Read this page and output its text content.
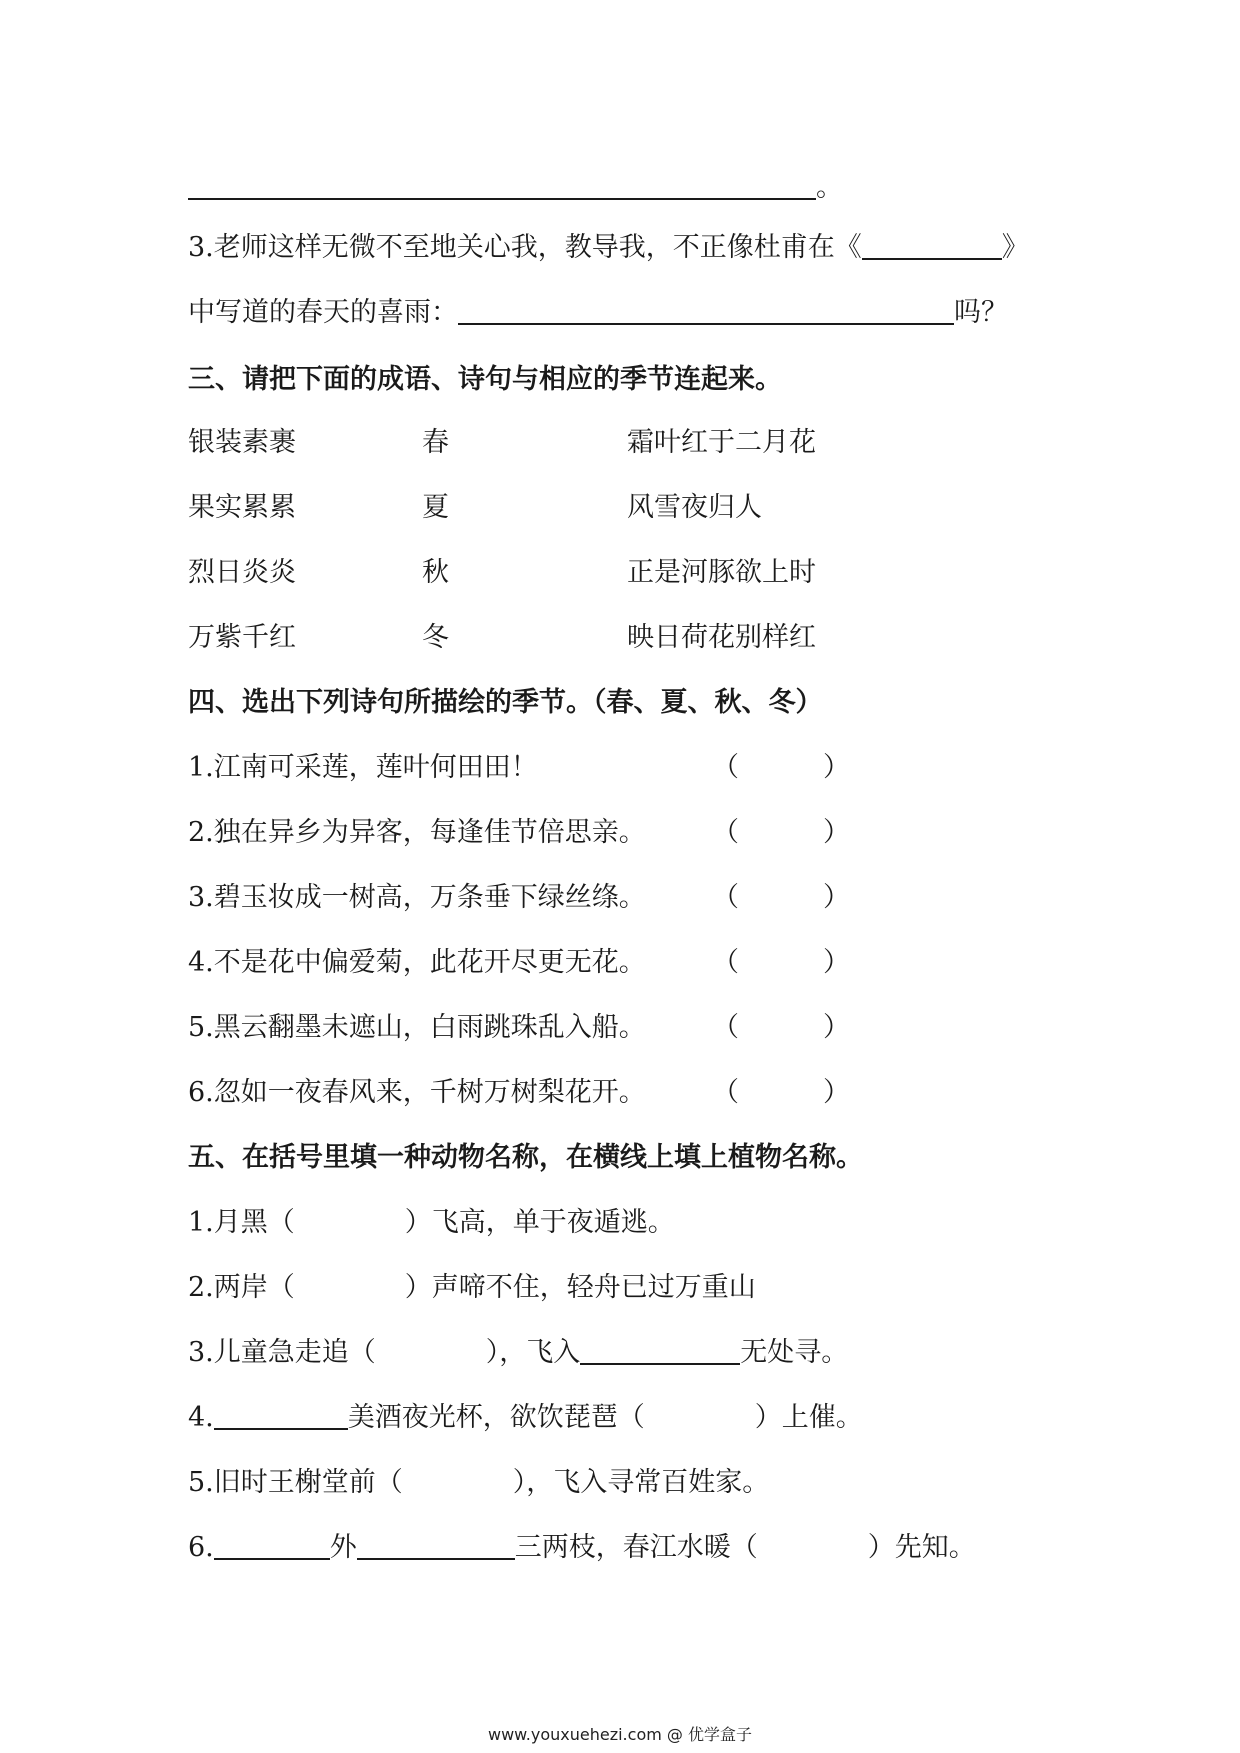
。
3.老师这样无微不至地关心我，教导我，不正像杜甫在《	》
中写道的春天的喜雨：	吗？
三、请把下面的成语、诗句与相应的季节连起来。
银装素裹	春	霜叶红于二月花
果实累累	夏	风雪夜归人
烈日炎炎	秋	正是河豚欲上时
万紫千红	冬	映日荷花别样红
四、选出下列诗句所描绘的季节。（春、夏、秋、冬）
1.江南可采莲，莲叶何田田！	（	）
2.独在异乡为异客，每逢佳节倍思亲。 （	）
3.碧玉妆成一树高，万条垂下绿丝绦。 （	）
4.不是花中偏爱菊，此花开尽更无花。 （	）
5.黑云翻墨未遮山，白雨跳珠乱入船。 （	）
6.忽如一夜春风来，千树万树梨花开。 （	）
五、在括号里填一种动物名称，在横线上填上植物名称。
1.月黑（	）飞高，单于夜遁逃。
2.两岸（	）声啼不住，轻舟已过万重山
3.儿童急走追（	），飞入	无处寻。
4.	美酒夜光杯，欲饮琵琶（	）上催。
5.旧时王榭堂前（	），飞入寻常百姓家。
6.	外	三两枝，春江水暖（	）先知。
www.youxuehezi.com @ 优学盒子
